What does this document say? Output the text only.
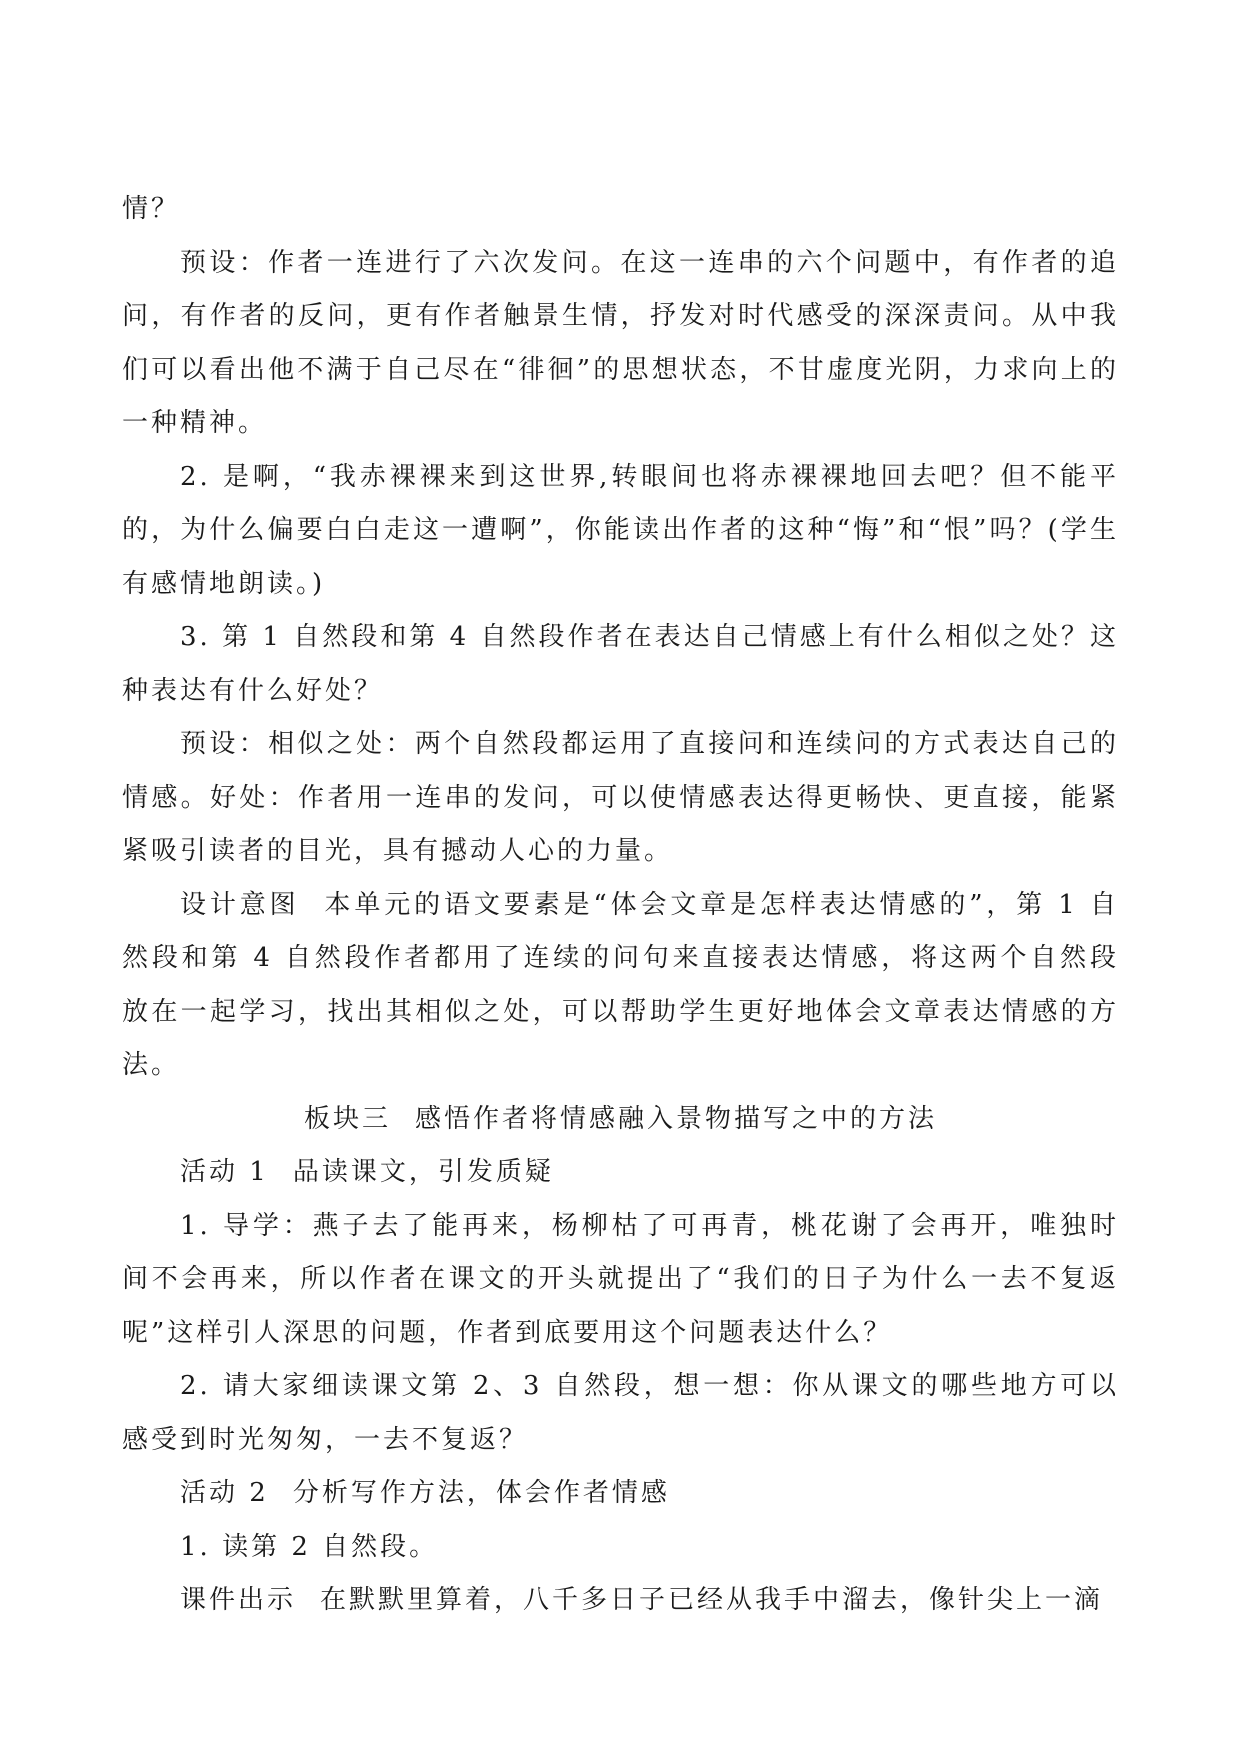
情？

预设：作者一连进行了六次发问。在这一连串的六个问题中，有作者的追问，有作者的反问，更有作者触景生情，抒发对时代感受的深深责问。从中我们可以看出他不满于自己尽在“徘徊”的思想状态，不甘虚度光阴，力求向上的一种精神。

2. 是啊，“我赤裸裸来到这世界,转眼间也将赤裸裸地回去吧？但不能平的，为什么偏要白白走这一遭啊”，你能读出作者的这种“悔”和“恨”吗？(学生有感情地朗读。)

3. 第 1 自然段和第 4 自然段作者在表达自己情感上有什么相似之处？这种表达有什么好处？

预设：相似之处：两个自然段都运用了直接问和连续问的方式表达自己的情感。好处：作者用一连串的发问，可以使情感表达得更畅快、更直接，能紧紧吸引读者的目光，具有撼动人心的力量。

设计意图 本单元的语文要素是“体会文章是怎样表达情感的”，第 1 自然段和第 4 自然段作者都用了连续的问句来直接表达情感，将这两个自然段放在一起学习，找出其相似之处，可以帮助学生更好地体会文章表达情感的方法。

板块三 感悟作者将情感融入景物描写之中的方法

活动 1 品读课文，引发质疑

1. 导学：燕子去了能再来，杨柳枯了可再青，桃花谢了会再开，唯独时间不会再来，所以作者在课文的开头就提出了“我们的日子为什么一去不复返呢”这样引人深思的问题，作者到底要用这个问题表达什么？

2. 请大家细读课文第 2、3 自然段，想一想：你从课文的哪些地方可以感受到时光匆匆，一去不复返？

活动 2 分析写作方法，体会作者情感

1. 读第 2 自然段。

课件出示 在默默里算着，八千多日子已经从我手中溜去，像针尖上一滴
